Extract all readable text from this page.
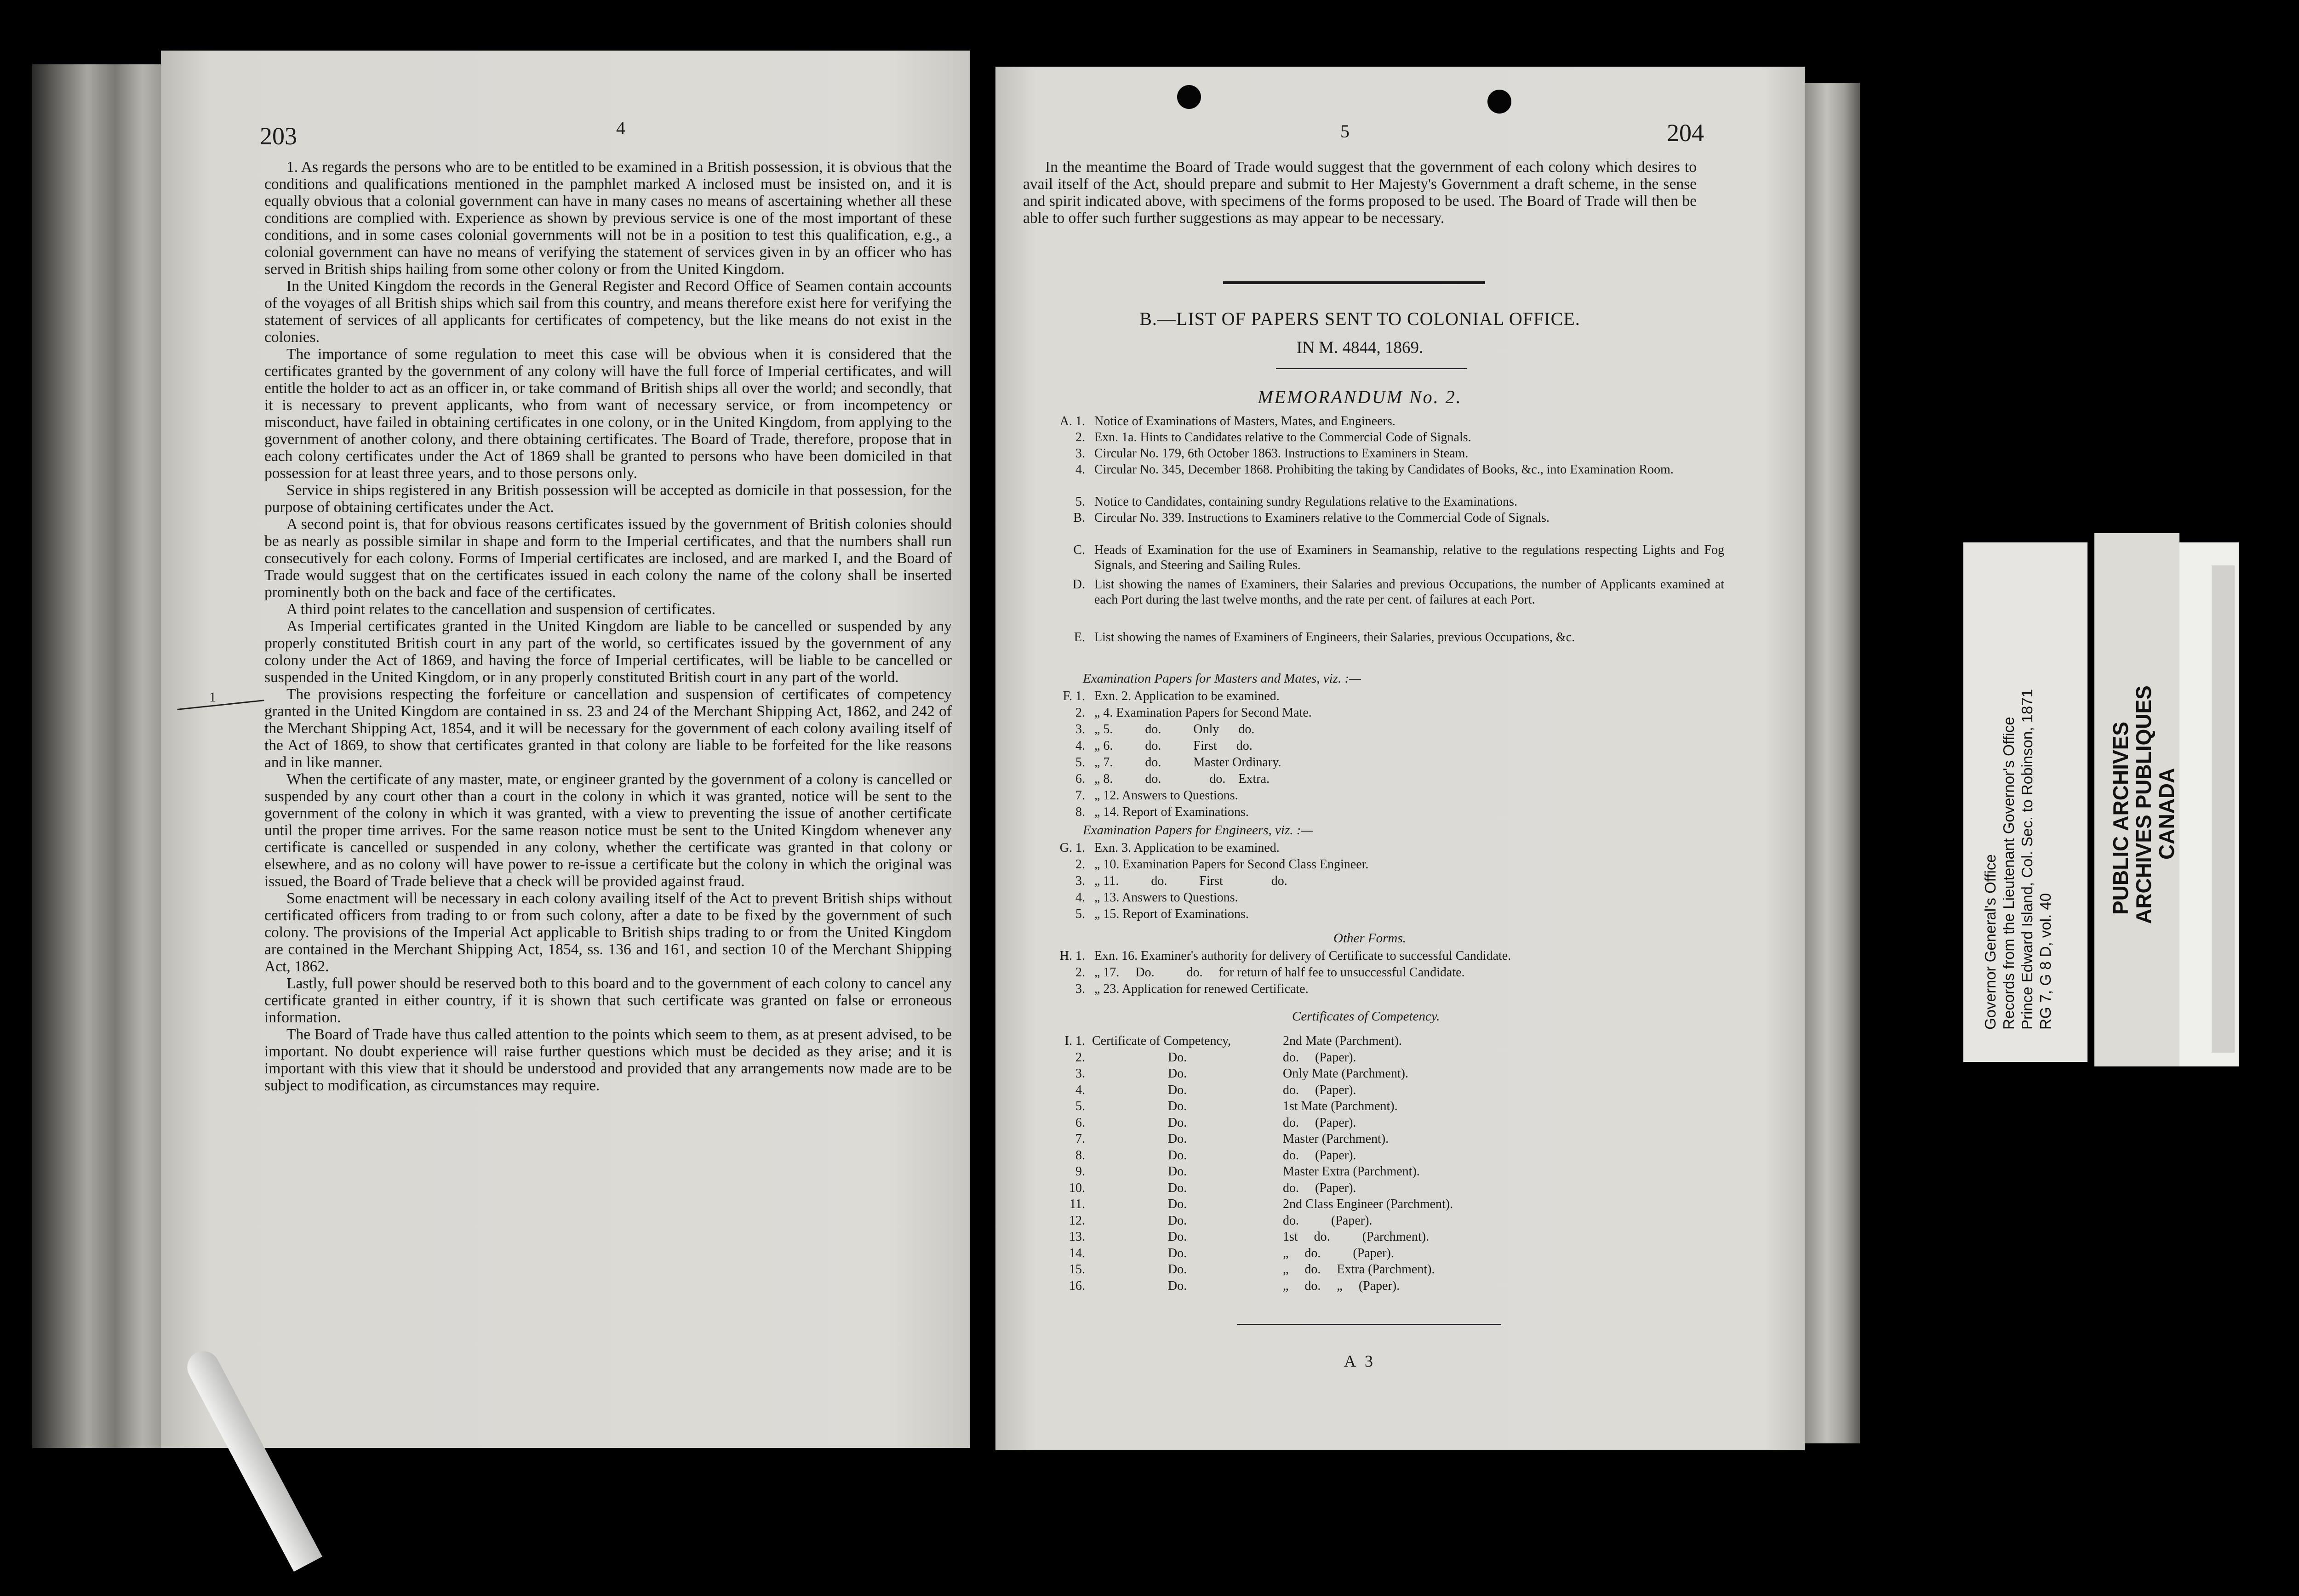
203	4
1

1. As regards the persons who are to be entitled to be examined in a British possession, it is obvious that the conditions and qualifications mentioned in the pamphlet marked A inclosed must be insisted on, and it is equally obvious that a colonial government can have in many cases no means of ascertaining whether all these conditions are complied with. Experience as shown by previous service is one of the most important of these conditions, and in some cases colonial governments will not be in a position to test this qualification, e.g., a colonial government can have no means of verifying the statement of services given in by an officer who has served in British ships hailing from some other colony or from the United Kingdom.

In the United Kingdom the records in the General Register and Record Office of Seamen contain accounts of the voyages of all British ships which sail from this country, and means therefore exist here for verifying the statement of services of all applicants for certificates of competency, but the like means do not exist in the colonies.

The importance of some regulation to meet this case will be obvious when it is considered that the certificates granted by the government of any colony will have the full force of Imperial certificates, and will entitle the holder to act as an officer in, or take command of British ships all over the world; and secondly, that it is necessary to prevent applicants, who from want of necessary service, or from incompetency or misconduct, have failed in obtaining certificates in one colony, or in the United Kingdom, from applying to the government of another colony, and there obtaining certificates. The Board of Trade, therefore, propose that in each colony certificates under the Act of 1869 shall be granted to persons who have been domiciled in that possession for at least three years, and to those persons only.

Service in ships registered in any British possession will be accepted as domicile in that possession, for the purpose of obtaining certificates under the Act.

A second point is, that for obvious reasons certificates issued by the government of British colonies should be as nearly as possible similar in shape and form to the Imperial certificates, and that the numbers shall run consecutively for each colony. Forms of Imperial certificates are inclosed, and are marked I, and the Board of Trade would suggest that on the certificates issued in each colony the name of the colony shall be inserted prominently both on the back and face of the certificates.

A third point relates to the cancellation and suspension of certificates.

As Imperial certificates granted in the United Kingdom are liable to be cancelled or suspended by any properly constituted British court in any part of the world, so certificates issued by the government of any colony under the Act of 1869, and having the force of Imperial certificates, will be liable to be cancelled or suspended in the United Kingdom, or in any properly constituted British court in any part of the world.

The provisions respecting the forfeiture or cancellation and suspension of certificates of competency granted in the United Kingdom are contained in ss. 23 and 24 of the Merchant Shipping Act, 1862, and 242 of the Merchant Shipping Act, 1854, and it will be necessary for the government of each colony availing itself of the Act of 1869, to show that certificates granted in that colony are liable to be forfeited for the like reasons and in like manner.

When the certificate of any master, mate, or engineer granted by the government of a colony is cancelled or suspended by any court other than a court in the colony in which it was granted, notice will be sent to the government of the colony in which it was granted, with a view to preventing the issue of another certificate until the proper time arrives. For the same reason notice must be sent to the United Kingdom whenever any certificate is cancelled or suspended in any colony, whether the certificate was granted in that colony or elsewhere, and as no colony will have power to re-issue a certificate but the colony in which the original was issued, the Board of Trade believe that a check will be provided against fraud.

Some enactment will be necessary in each colony availing itself of the Act to prevent British ships without certificated officers from trading to or from such colony, after a date to be fixed by the government of such colony. The provisions of the Imperial Act applicable to British ships trading to or from the United Kingdom are contained in the Merchant Shipping Act, 1854, ss. 136 and 161, and section 10 of the Merchant Shipping Act, 1862.

Lastly, full power should be reserved both to this board and to the government of each colony to cancel any certificate granted in either country, if it is shown that such certificate was granted on false or erroneous information.

The Board of Trade have thus called attention to the points which seem to them, as at present advised, to be important. No doubt experience will raise further questions which must be decided as they arise; and it is important with this view that it should be understood and provided that any arrangements now made are to be subject to modification, as circumstances may require.

5	204

In the meantime the Board of Trade would suggest that the government of each colony which desires to avail itself of the Act, should prepare and submit to Her Majesty's Government a draft scheme, in the sense and spirit indicated above, with specimens of the forms proposed to be used. The Board of Trade will then be able to offer such further suggestions as may appear to be necessary.

B.—LIST OF PAPERS SENT TO COLONIAL OFFICE.
IN M. 4844, 1869.
MEMORANDUM No. 2.
A. 1. Notice of Examinations of Masters, Mates, and Engineers.
2. Exn. 1a. Hints to Candidates relative to the Commercial Code of Signals.
3. Circular No. 179, 6th October 1863. Instructions to Examiners in Steam.
4. Circular No. 345, December 1868. Prohibiting the taking by Candidates of Books, &c., into Examination Room.
5. Notice to Candidates, containing sundry Regulations relative to the Examinations.
B. Circular No. 339. Instructions to Examiners relative to the Commercial Code of Signals.
C. Heads of Examination for the use of Examiners in Seamanship, relative to the regulations respecting Lights and Fog Signals, and Steering and Sailing Rules.
D. List showing the names of Examiners, their Salaries and previous Occupations, the number of Applicants examined at each Port during the last twelve months, and the rate per cent. of failures at each Port.
E. List showing the names of Examiners of Engineers, their Salaries, previous Occupations, &c.
Examination Papers for Masters and Mates, viz. :—
F. 1. Exn. 2. Application to be examined.
2. „ 4. Examination Papers for Second Mate.
3. „ 5.          do.          Only      do.
4. „ 6.          do.          First      do.
5. „ 7.          do.          Master Ordinary.
6. „ 8.          do.               do.    Extra.
7. „ 12. Answers to Questions.
8. „ 14. Report of Examinations.
Examination Papers for Engineers, viz. :—
G. 1. Exn. 3. Application to be examined.
2. „ 10. Examination Papers for Second Class Engineer.
3. „ 11.          do.          First               do.
4. „ 13. Answers to Questions.
5. „ 15. Report of Examinations.
Other Forms.
H. 1. Exn. 16. Examiner's authority for delivery of Certificate to successful Candidate.
2. „ 17.     Do.          do.     for return of half fee to unsuccessful Candidate.
3. „ 23. Application for renewed Certificate.
Certificates of Competency.
I. 1. Certificate of Competency,	2nd Mate (Parchment).
2.	Do.	do.     (Paper).
3.	Do.	Only Mate (Parchment).
4.	Do.	do.     (Paper).
5.	Do.	1st Mate (Parchment).
6.	Do.	do.     (Paper).
7.	Do.	Master (Parchment).
8.	Do.	do.     (Paper).
9.	Do.	Master Extra (Parchment).
10.	Do.	do.     (Paper).
11.	Do.	2nd Class Engineer (Parchment).
12.	Do.	do.          (Paper).
13.	Do.	1st     do.          (Parchment).
14.	Do.	„     do.          (Paper).
15.	Do.	„     do.     Extra (Parchment).
16.	Do.	„     do.     „     (Paper).
A 3
Governor General's Office Records from the Lieutenant Governor's Office Prince Edward Island, Col. Sec. to Robinson, 1871 RG 7, G 8 D, vol. 40
PUBLIC ARCHIVES
ARCHIVES PUBLIQUES
CANADA
